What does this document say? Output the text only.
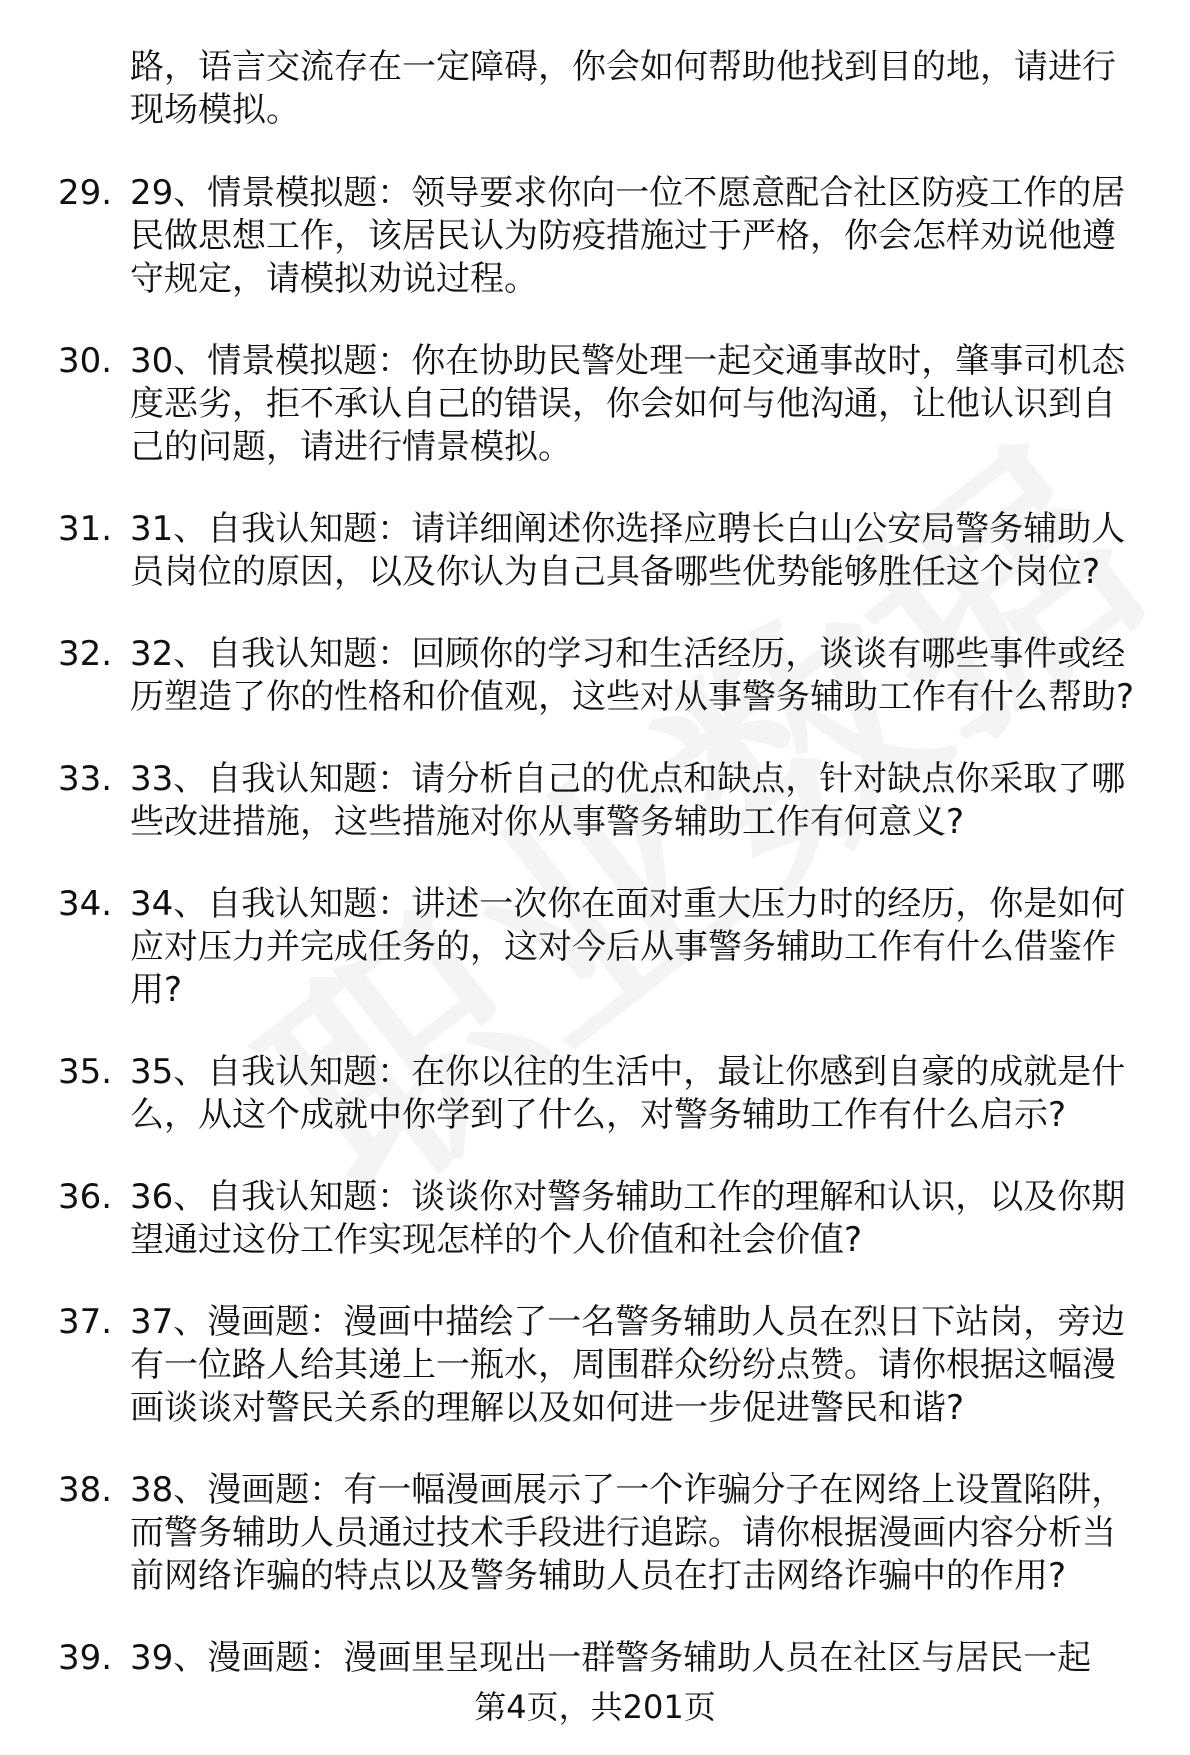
路，语言交流存在一定障碍，你会如何帮助他找到目的地，请进行现场模拟。
29. 29、情景模拟题：领导要求你向一位不愿意配合社区防疫工作的居民做思想工作，该居民认为防疫措施过于严格，你会怎样劝说他遵守规定，请模拟劝说过程。
30. 30、情景模拟题：你在协助民警处理一起交通事故时，肇事司机态度恶劣，拒不承认自己的错误，你会如何与他沟通，让他认识到自己的问题，请进行情景模拟。
31. 31、自我认知题：请详细阐述你选择应聘长白山公安局警务辅助人员岗位的原因，以及你认为自己具备哪些优势能够胜任这个岗位?
32. 32、自我认知题：回顾你的学习和生活经历，谈谈有哪些事件或经历塑造了你的性格和价值观，这些对从事警务辅助工作有什么帮助?
33. 33、自我认知题：请分析自己的优点和缺点，针对缺点你采取了哪些改进措施，这些措施对你从事警务辅助工作有何意义?
34. 34、自我认知题：讲述一次你在面对重大压力时的经历，你是如何应对压力并完成任务的，这对今后从事警务辅助工作有什么借鉴作用?
35. 35、自我认知题：在你以往的生活中，最让你感到自豪的成就是什么，从这个成就中你学到了什么，对警务辅助工作有什么启示?
36. 36、自我认知题：谈谈你对警务辅助工作的理解和认识，以及你期望通过这份工作实现怎样的个人价值和社会价值?
37. 37、漫画题：漫画中描绘了一名警务辅助人员在烈日下站岗，旁边有一位路人给其递上一瓶水，周围群众纷纷点赞。请你根据这幅漫画谈谈对警民关系的理解以及如何进一步促进警民和谐?
38. 38、漫画题：有一幅漫画展示了一个诈骗分子在网络上设置陷阱，而警务辅助人员通过技术手段进行追踪。请你根据漫画内容分析当前网络诈骗的特点以及警务辅助人员在打击网络诈骗中的作用?
39. 39、漫画题：漫画里呈现出一群警务辅助人员在社区与居民一起
第4页，共201页
